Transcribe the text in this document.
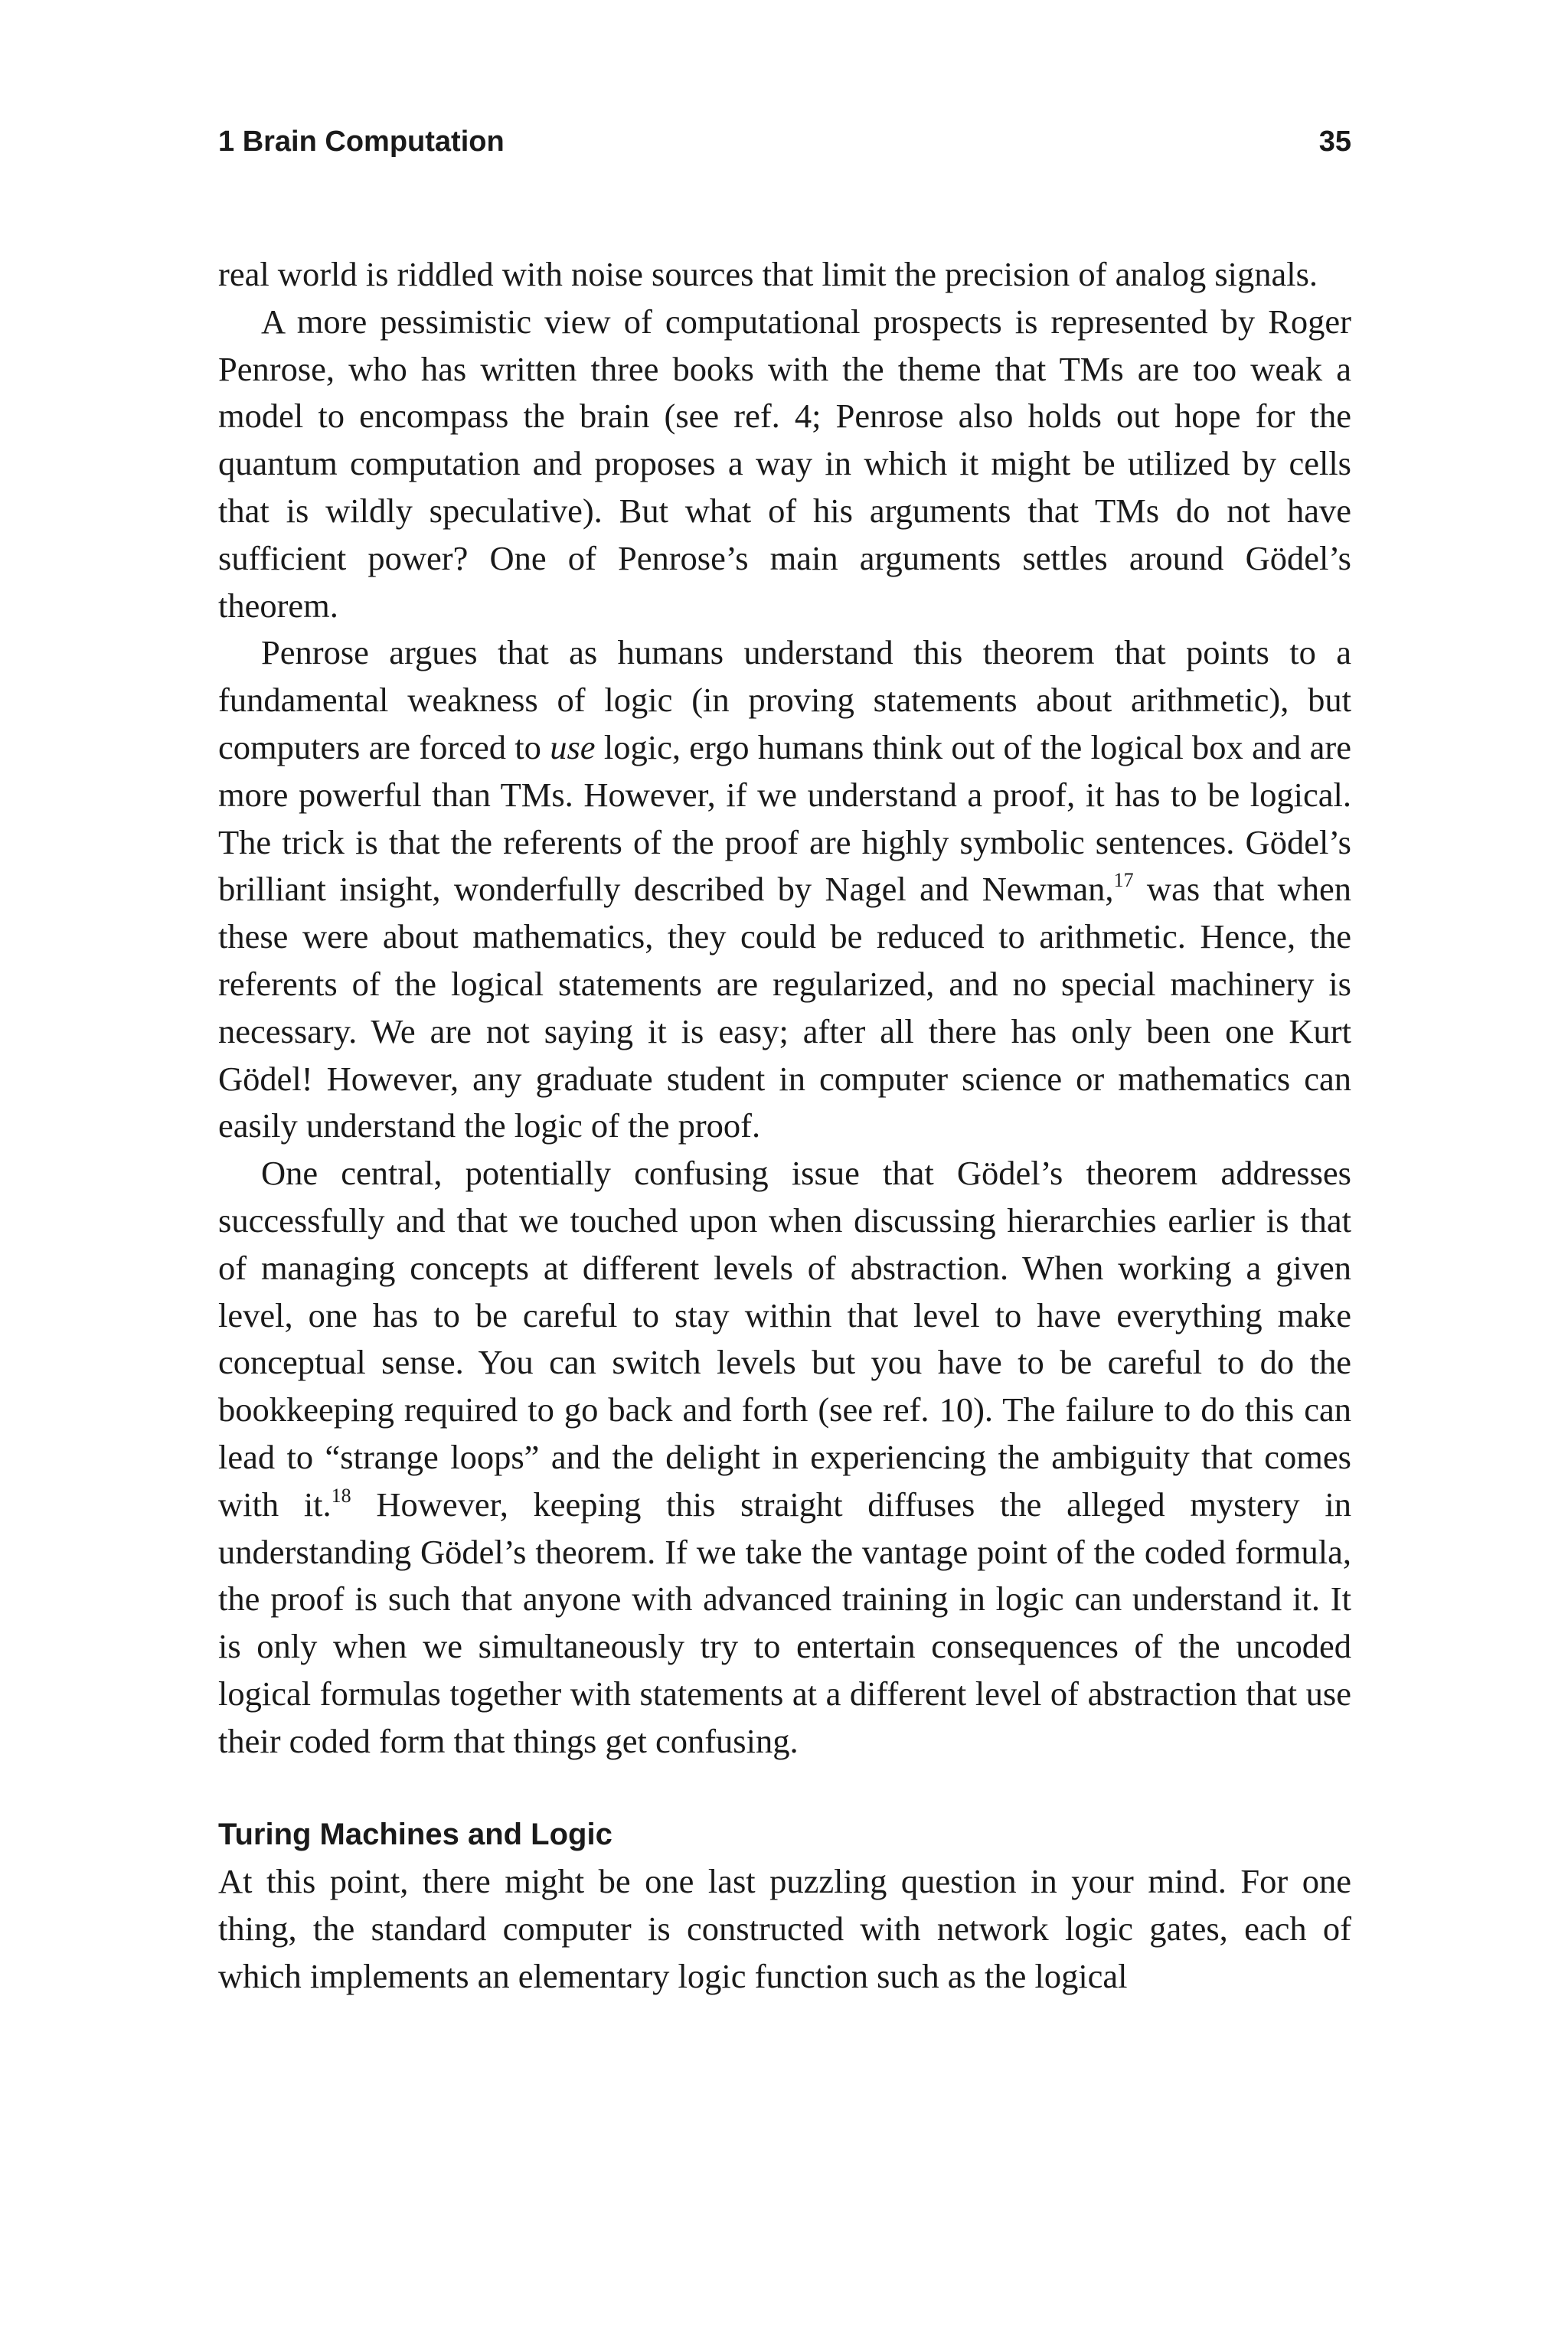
1 Brain Computation	35

real world is riddled with noise sources that limit the precision of analog signals.

A more pessimistic view of computational prospects is represented by Roger Penrose, who has written three books with the theme that TMs are too weak a model to encompass the brain (see ref. 4; Penrose also holds out hope for the quantum computation and proposes a way in which it might be utilized by cells that is wildly speculative). But what of his arguments that TMs do not have sufficient power? One of Penrose’s main arguments settles around Gödel’s theorem.

Penrose argues that as humans understand this theorem that points to a fundamental weakness of logic (in proving statements about arithmetic), but computers are forced to use logic, ergo humans think out of the logical box and are more powerful than TMs. However, if we understand a proof, it has to be logical. The trick is that the referents of the proof are highly symbolic sentences. Gödel’s brilliant insight, wonderfully described by Nagel and Newman,$^{17}$ was that when these were about mathematics, they could be reduced to arithmetic. Hence, the referents of the logical statements are regularized, and no special machinery is necessary. We are not saying it is easy; after all there has only been one Kurt Gödel! However, any graduate student in computer science or mathematics can easily understand the logic of the proof.

One central, potentially confusing issue that Gödel’s theorem addresses successfully and that we touched upon when discussing hierarchies earlier is that of managing concepts at different levels of abstraction. When working a given level, one has to be careful to stay within that level to have everything make conceptual sense. You can switch levels but you have to be careful to do the bookkeeping required to go back and forth (see ref. 10). The failure to do this can lead to “strange loops” and the delight in experiencing the ambiguity that comes with it.$^{18}$ However, keeping this straight diffuses the alleged mystery in understanding Gödel’s theorem. If we take the vantage point of the coded formula, the proof is such that anyone with advanced training in logic can understand it. It is only when we simultaneously try to entertain consequences of the uncoded logical formulas together with statements at a different level of abstraction that use their coded form that things get confusing.

Turing Machines and Logic

At this point, there might be one last puzzling question in your mind. For one thing, the standard computer is constructed with network logic gates, each of which implements an elementary logic function such as the logical
